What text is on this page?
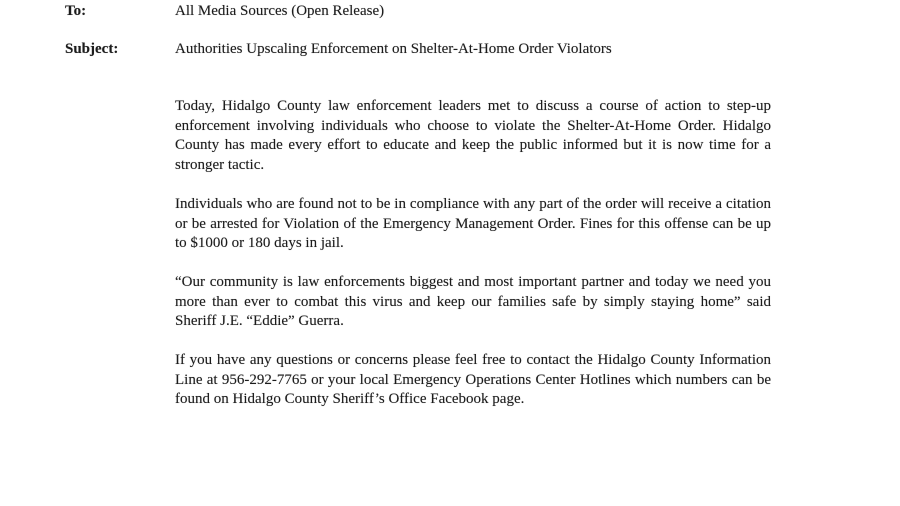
To:	All Media Sources (Open Release)
Subject:	Authorities Upscaling Enforcement on Shelter-At-Home Order Violators

Today, Hidalgo County law enforcement leaders met to discuss a course of action to step-up enforcement involving individuals who choose to violate the Shelter-At-Home Order. Hidalgo County has made every effort to educate and keep the public informed but it is now time for a stronger tactic.

Individuals who are found not to be in compliance with any part of the order will receive a citation or be arrested for Violation of the Emergency Management Order. Fines for this offense can be up to $1000 or 180 days in jail.

“Our community is law enforcements biggest and most important partner and today we need you more than ever to combat this virus and keep our families safe by simply staying home” said Sheriff J.E. “Eddie” Guerra.

If you have any questions or concerns please feel free to contact the Hidalgo County Information Line at 956-292-7765 or your local Emergency Operations Center Hotlines which numbers can be found on Hidalgo County Sheriff’s Office Facebook page.
